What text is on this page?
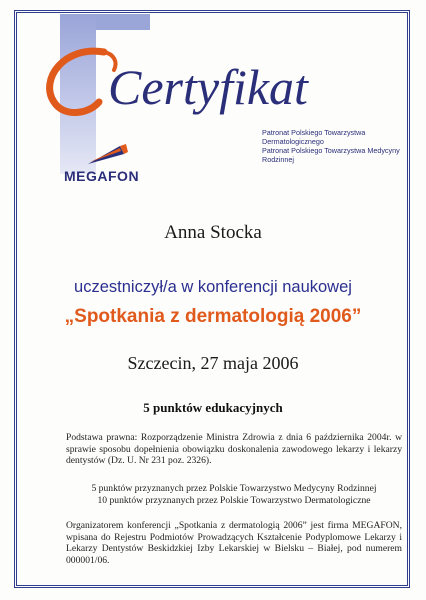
Certyfikat
Patronat Polskiego Towarzystwa Dermatologicznego
Patronat Polskiego Towarzystwa Medycyny Rodzinnej
MEGAFON
Anna Stocka
uczestniczył/a w konferencji naukowej
„Spotkania z dermatologią 2006”
Szczecin, 27 maja 2006
5 punktów edukacyjnych
Podstawa prawna: Rozporządzenie Ministra Zdrowia z dnia 6 października 2004r. w sprawie sposobu dopełnienia obowiązku doskonalenia zawodowego lekarzy i lekarzy dentystów (Dz. U. Nr 231 poz. 2326).
5 punktów przyznanych przez Polskie Towarzystwo Medycyny Rodzinnej
10 punktów przyznanych przez Polskie Towarzystwo Dermatologiczne
Organizatorem konferencji „Spotkania z dermatologią 2006” jest firma MEGAFON, wpisana do Rejestru Podmiotów Prowadzących Kształcenie Podyplomowe Lekarzy i Lekarzy Dentystów Beskidzkiej Izby Lekarskiej w Bielsku – Białej, pod numerem 000001/06.
